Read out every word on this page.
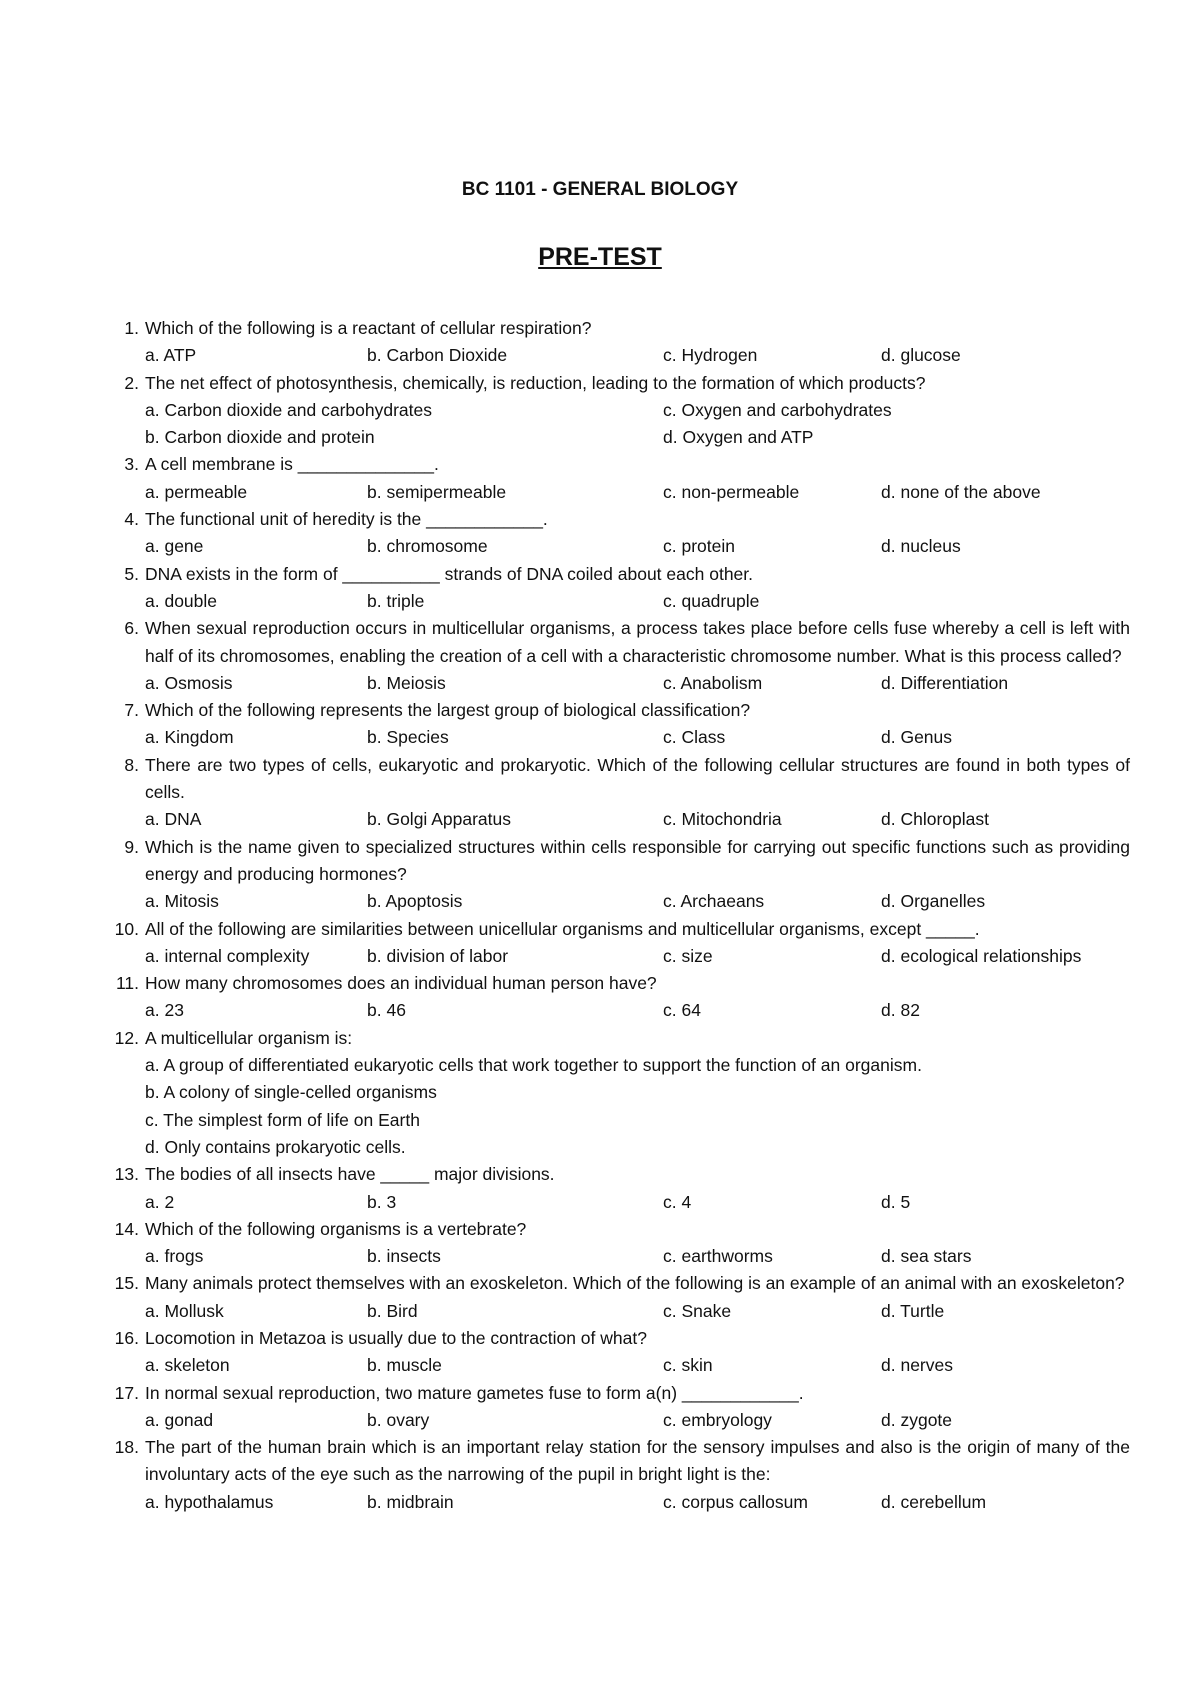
BC 1101 - GENERAL BIOLOGY
PRE-TEST
1. Which of the following is a reactant of cellular respiration?
a. ATP	b. Carbon Dioxide	c. Hydrogen	d. glucose
2. The net effect of photosynthesis, chemically, is reduction, leading to the formation of which products?
a. Carbon dioxide and carbohydrates	c. Oxygen and carbohydrates
b. Carbon dioxide and protein	d. Oxygen and ATP
3. A cell membrane is ______________.
a. permeable	b. semipermeable	c. non-permeable	d. none of the above
4. The functional unit of heredity is the ____________.
a. gene	b. chromosome	c. protein	d. nucleus
5. DNA exists in the form of __________ strands of DNA coiled about each other.
a. double	b. triple	c. quadruple
6. When sexual reproduction occurs in multicellular organisms, a process takes place before cells fuse whereby a cell is left with half of its chromosomes, enabling the creation of a cell with a characteristic chromosome number. What is this process called?
a. Osmosis	b. Meiosis	c. Anabolism	d. Differentiation
7. Which of the following represents the largest group of biological classification?
a. Kingdom	b. Species	c. Class	d. Genus
8. There are two types of cells, eukaryotic and prokaryotic. Which of the following cellular structures are found in both types of cells.
a. DNA	b. Golgi Apparatus	c. Mitochondria	d. Chloroplast
9. Which is the name given to specialized structures within cells responsible for carrying out specific functions such as providing energy and producing hormones?
a. Mitosis	b. Apoptosis	c. Archaeans	d. Organelles
10. All of the following are similarities between unicellular organisms and multicellular organisms, except _____.
a. internal complexity	b. division of labor	c. size	d. ecological relationships
11. How many chromosomes does an individual human person have?
a. 23	b. 46	c. 64	d. 82
12. A multicellular organism is:
a. A group of differentiated eukaryotic cells that work together to support the function of an organism.
b. A colony of single-celled organisms
c. The simplest form of life on Earth
d. Only contains prokaryotic cells.
13. The bodies of all insects have _____ major divisions.
a. 2	b. 3	c. 4	d. 5
14. Which of the following organisms is a vertebrate?
a. frogs	b. insects	c. earthworms	d. sea stars
15. Many animals protect themselves with an exoskeleton. Which of the following is an example of an animal with an exoskeleton?
a. Mollusk	b. Bird	c. Snake	d. Turtle
16. Locomotion in Metazoa is usually due to the contraction of what?
a. skeleton	b. muscle	c. skin	d. nerves
17. In normal sexual reproduction, two mature gametes fuse to form a(n) ____________.
a. gonad	b. ovary	c. embryology	d. zygote
18. The part of the human brain which is an important relay station for the sensory impulses and also is the origin of many of the involuntary acts of the eye such as the narrowing of the pupil in bright light is the:
a. hypothalamus	b. midbrain	c. corpus callosum	d. cerebellum
